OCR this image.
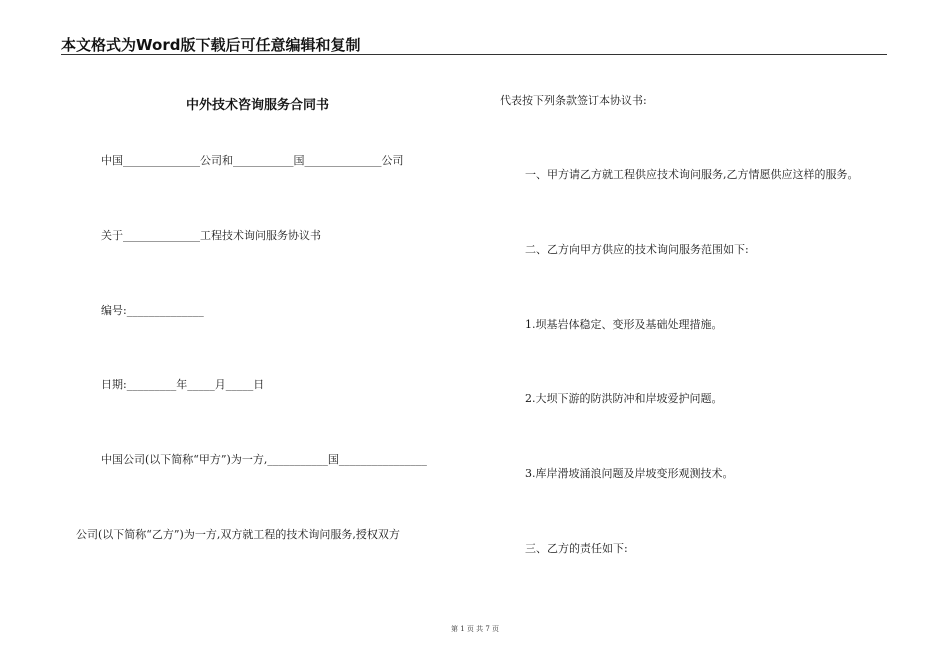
本文格式为Word版下载后可任意编辑和复制
中外技术咨询服务合同书
中国______________公司和___________国______________公司
关于______________工程技术询问服务协议书
编号:______________
日期:_________年_____月_____日
中国公司(以下简称“甲方”)为一方,___________国________________
公司(以下简称“乙方”)为一方,双方就工程的技术询问服务,授权双方
代表按下列条款签订本协议书:
一、甲方请乙方就工程供应技术询问服务,乙方情愿供应这样的服务。
二、乙方向甲方供应的技术询问服务范围如下:
1.坝基岩体稳定、变形及基础处理措施。
2.大坝下游的防洪防冲和岸坡爱护问题。
3.库岸滑坡涌浪问题及岸坡变形观测技术。
三、乙方的责任如下:
第 1 页 共 7 页
